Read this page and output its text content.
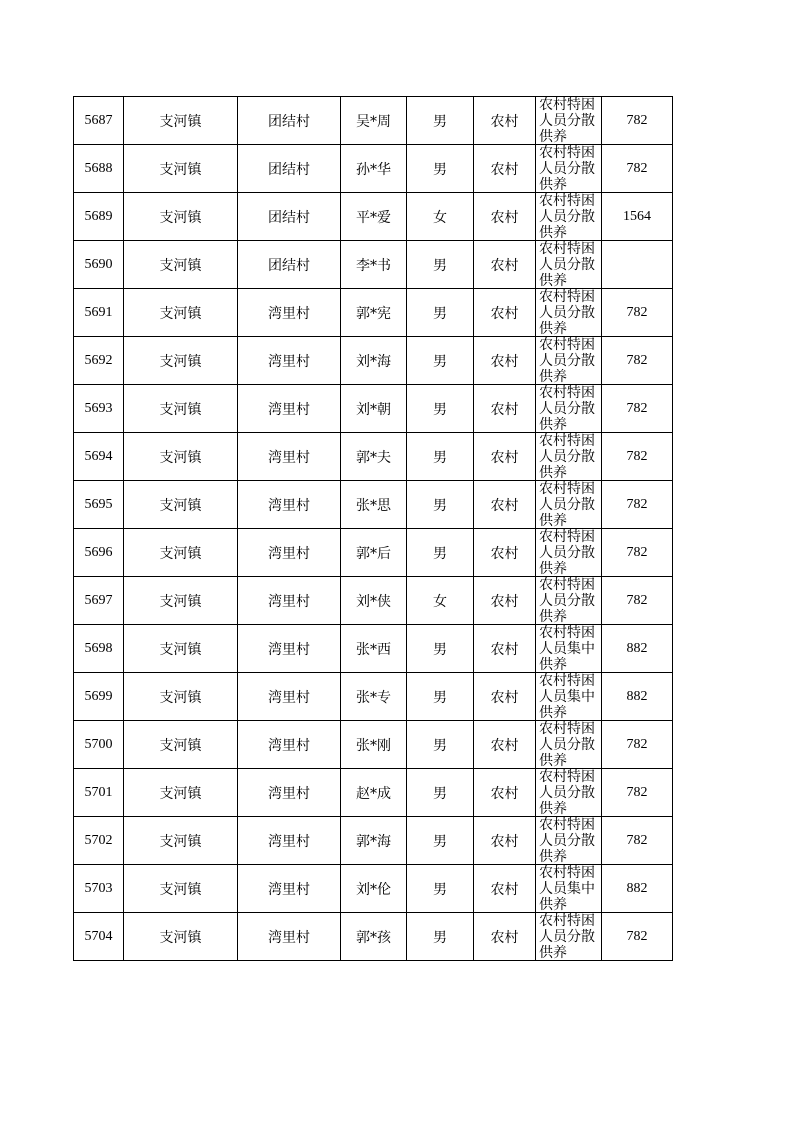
5687	支河镇	团结村	吴*周	男	农村	农村特困人员分散供养	782
5688	支河镇	团结村	孙*华	男	农村	农村特困人员分散供养	782
5689	支河镇	团结村	平*爱	女	农村	农村特困人员分散供养	1564
5690	支河镇	团结村	李*书	男	农村	农村特困人员分散供养	

5691	支河镇	湾里村	郭*宪	男	农村	农村特困人员分散供养	782
5692	支河镇	湾里村	刘*海	男	农村	农村特困人员分散供养	782
5693	支河镇	湾里村	刘*朝	男	农村	农村特困人员分散供养	782
5694	支河镇	湾里村	郭*夫	男	农村	农村特困人员分散供养	782
5695	支河镇	湾里村	张*思	男	农村	农村特困人员分散供养	782
5696	支河镇	湾里村	郭*后	男	农村	农村特困人员分散供养	782
5697	支河镇	湾里村	刘*侠	女	农村	农村特困人员分散供养	782
5698	支河镇	湾里村	张*西	男	农村	农村特困人员集中供养	882
5699	支河镇	湾里村	张*专	男	农村	农村特困人员集中供养	882
5700	支河镇	湾里村	张*刚	男	农村	农村特困人员分散供养	782
5701	支河镇	湾里村	赵*成	男	农村	农村特困人员分散供养	782
5702	支河镇	湾里村	郭*海	男	农村	农村特困人员分散供养	782
5703	支河镇	湾里村	刘*伦	男	农村	农村特困人员集中供养	882
5704	支河镇	湾里村	郭*孩	男	农村	农村特困人员分散供养	782
